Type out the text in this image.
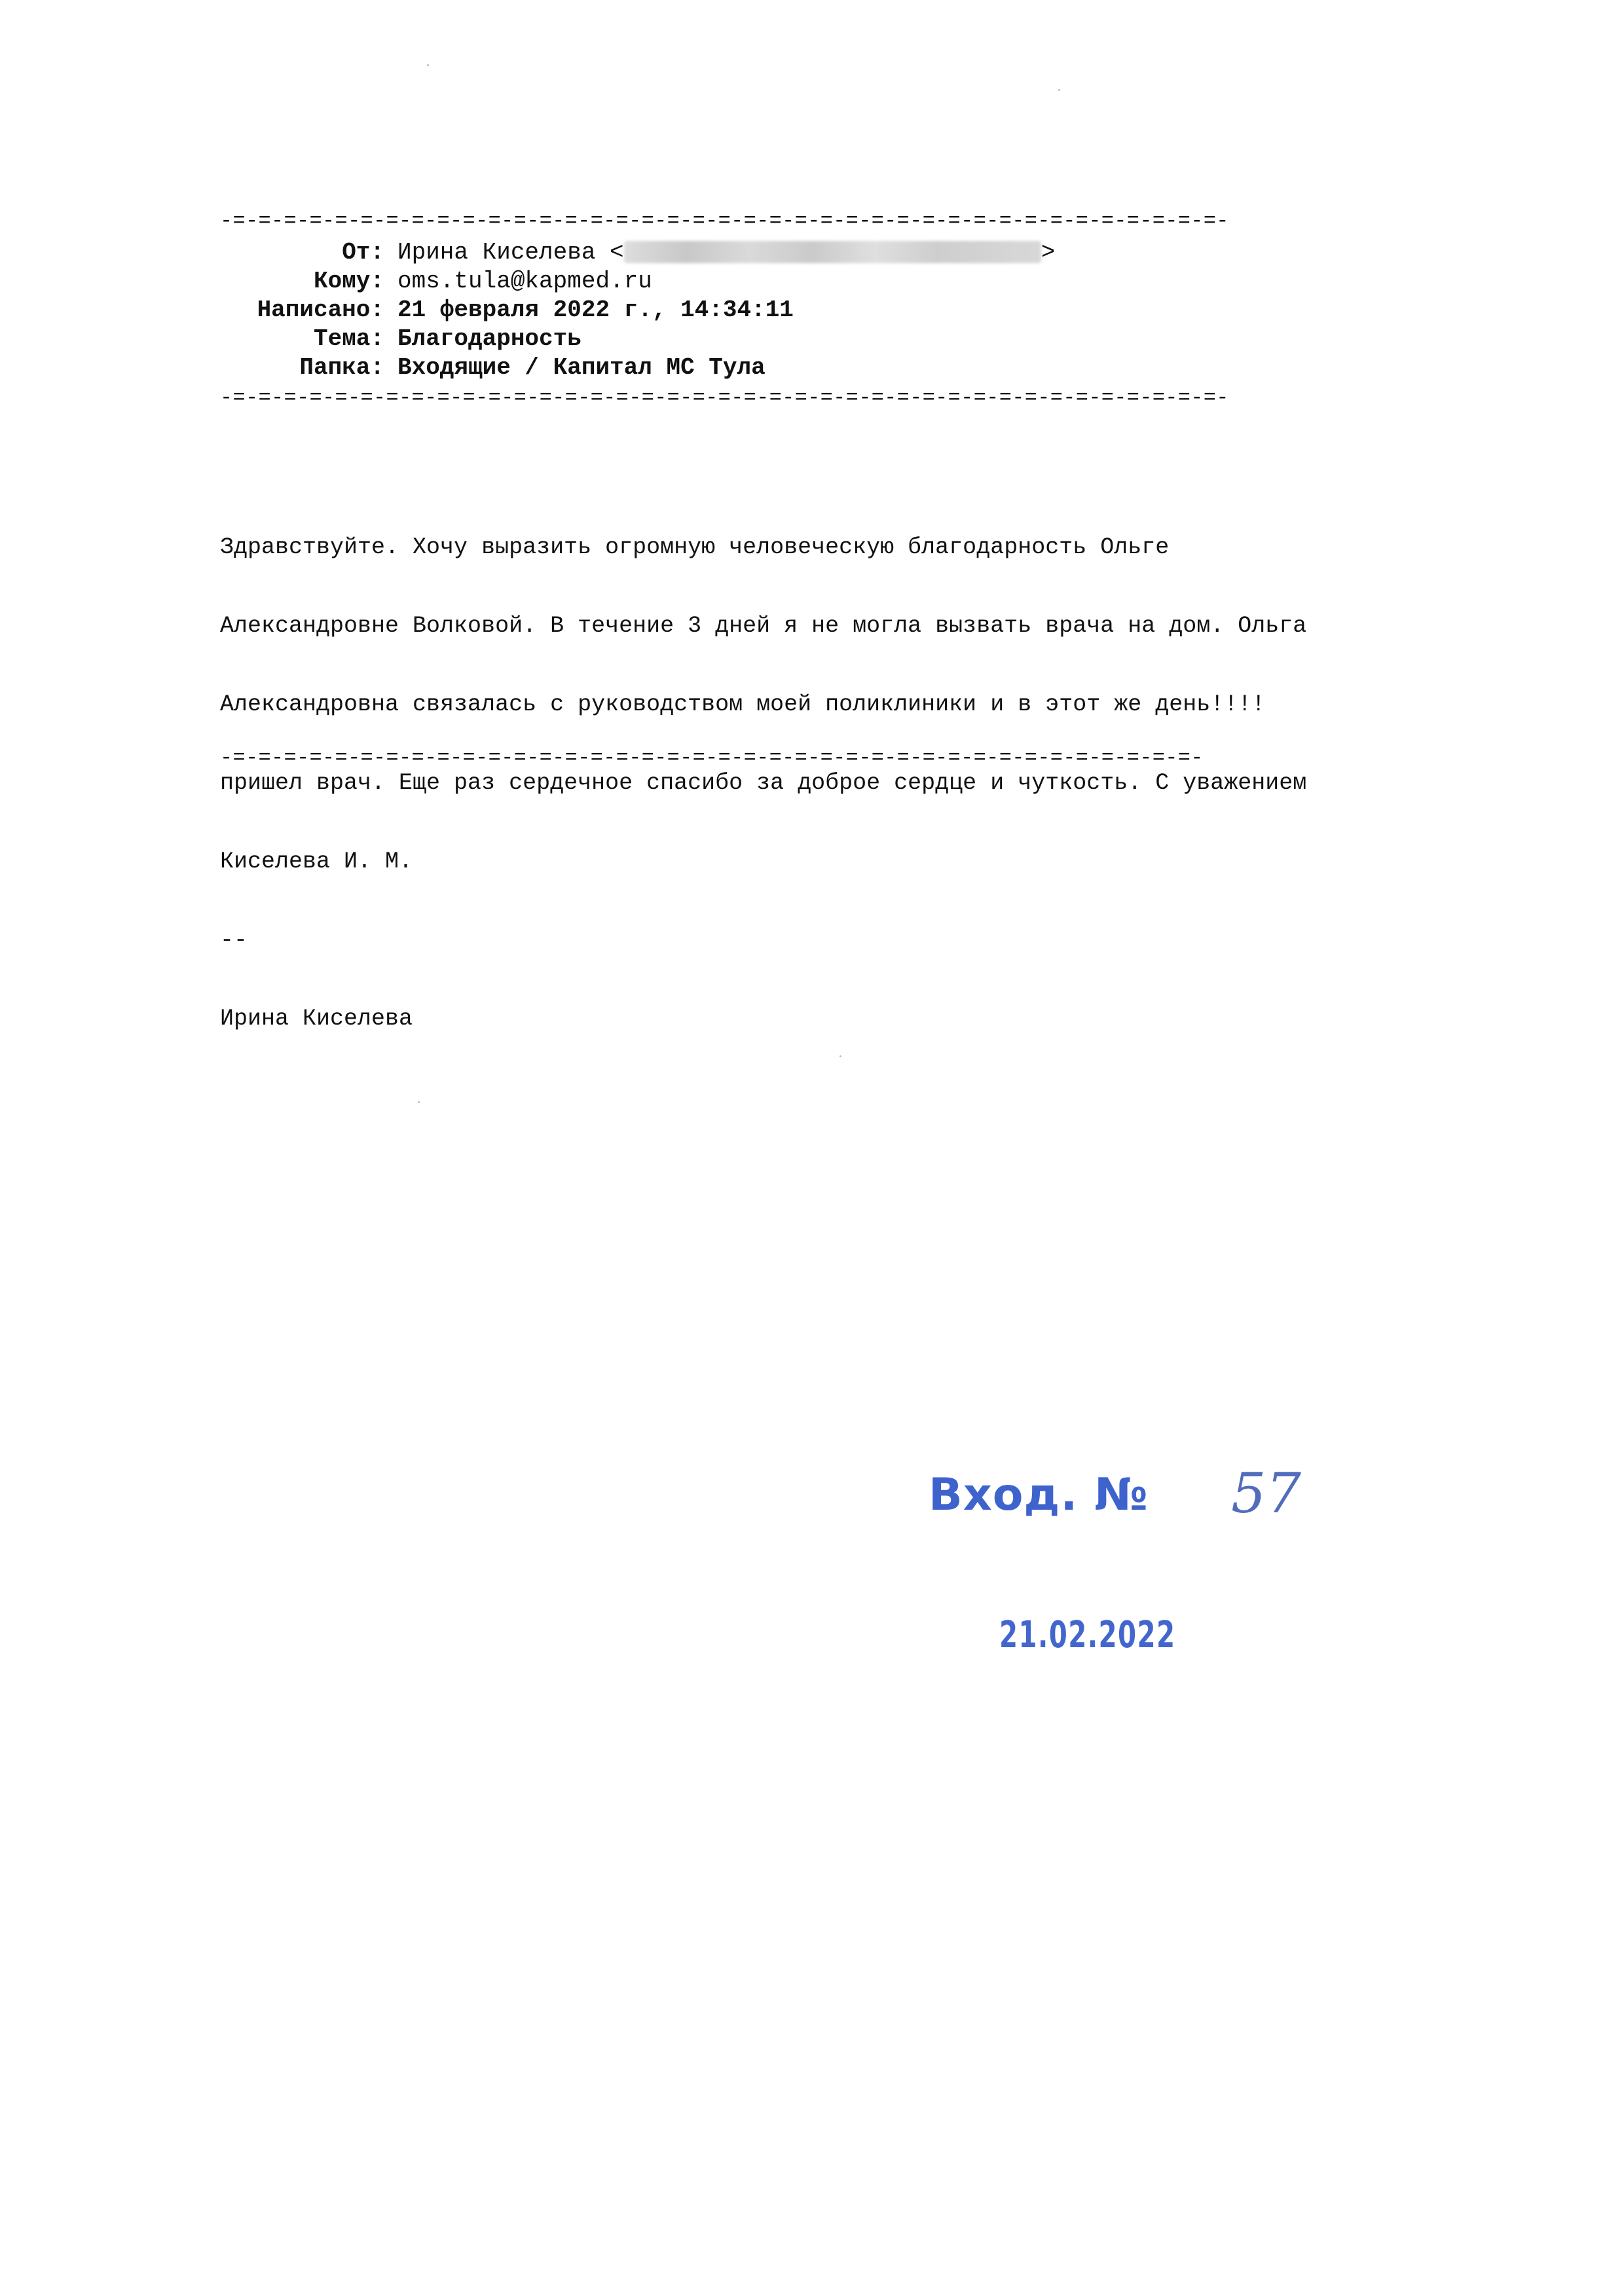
-=-=-=-=-=-=-=-=-=-=-=-=-=-=-=-=-=-=-=-=-=-=-=-=-=-=-=-=-=-=-=-=-=-=-=-=-=-=-=-
От: Ирина Киселева <	>
Кому: oms.tula@kapmed.ru
Написано: 21 февраля 2022 г., 14:34:11
Тема: Благодарность
Папка: Входящие / Капитал МС Тула
-=-=-=-=-=-=-=-=-=-=-=-=-=-=-=-=-=-=-=-=-=-=-=-=-=-=-=-=-=-=-=-=-=-=-=-=-=-=-=-

Здравствуйте. Хочу выразить огромную человеческую благодарность Ольге

Александровне Волковой. В течение 3 дней я не могла вызвать врача на дом. Ольга

Александровна связалась с руководством моей поликлиники и в этот же день!!!!

пришел врач. Еще раз сердечное спасибо за доброе сердце и чуткость. С уважением

Киселева И. М.

--

Ирина Киселева

-=-=-=-=-=-=-=-=-=-=-=-=-=-=-=-=-=-=-=-=-=-=-=-=-=-=-=-=-=-=-=-=-=-=-=-=-=-=-
Вход. № 57
21.02.2022
